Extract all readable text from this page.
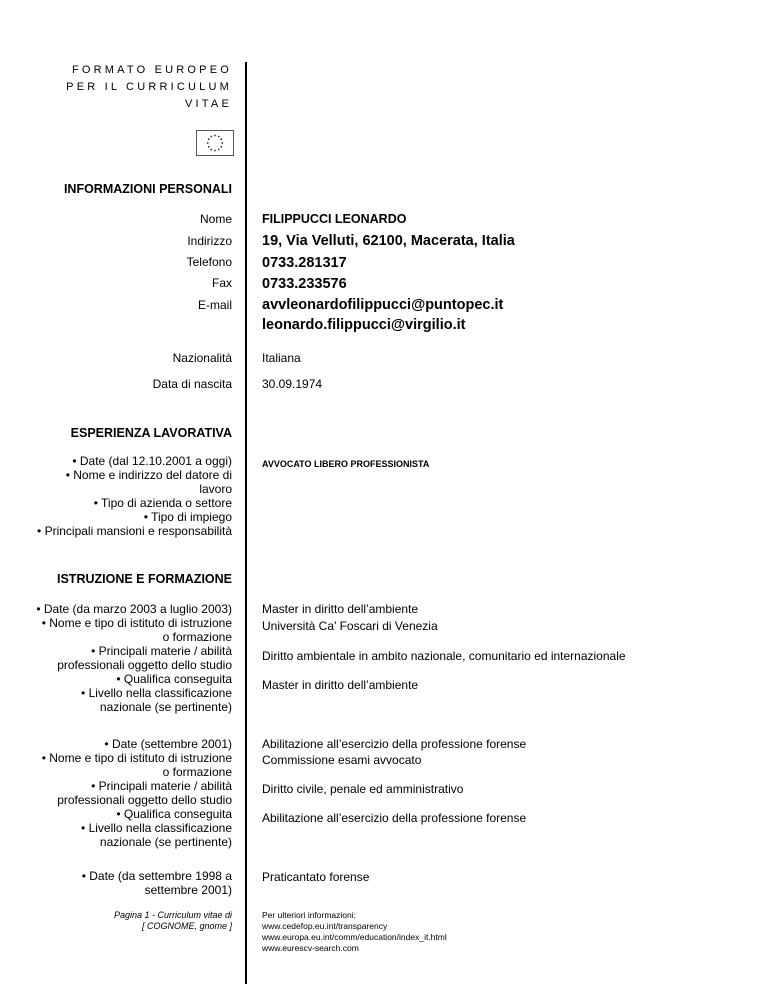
FORMATO EUROPEO
PER IL CURRICULUM
VITAE
INFORMAZIONI PERSONALI
Nome FILIPPUCCI LEONARDO
Indirizzo 19, Via Velluti, 62100, Macerata, Italia
Telefono 0733.281317
Fax 0733.233576
E-mail avvleonardofilippucci@puntopec.it
leonardo.filippucci@virgilio.it
Nazionalità	Italiana
Data di nascita	30.09.1974
ESPERIENZA LAVORATIVA
• Date (dal 12.10.2001 a oggi)
• Nome e indirizzo del datore di
lavoro
• Tipo di azienda o settore
• Tipo di impiego
• Principali mansioni e responsabilità
AVVOCATO LIBERO PROFESSIONISTA
ISTRUZIONE E FORMAZIONE
• Date (da marzo 2003 a luglio 2003)
• Nome e tipo di istituto di istruzione
o formazione
• Principali materie / abilità
professionali oggetto dello studio
• Qualifica conseguita
• Livello nella classificazione
nazionale (se pertinente)
Master in diritto dell’ambiente
Università Ca’ Foscari di Venezia
Diritto ambientale in ambito nazionale, comunitario ed internazionale
Master in diritto dell’ambiente
• Date (settembre 2001)
• Nome e tipo di istituto di istruzione
o formazione
• Principali materie / abilità
professionali oggetto dello studio
• Qualifica conseguita
• Livello nella classificazione
nazionale (se pertinente)
Abilitazione all’esercizio della professione forense
Commissione esami avvocato
Diritto civile, penale ed amministrativo
Abilitazione all’esercizio della professione forense
• Date (da settembre 1998 a
settembre 2001)
Praticantato forense
Pagina 1 - Curriculum vitae di
[ COGNOME, gnome ]
Per ulteriori informazioni:
www.cedefop.eu.int/transparency
www.europa.eu.int/comm/education/index_it.html
www.eurescv-search.com
